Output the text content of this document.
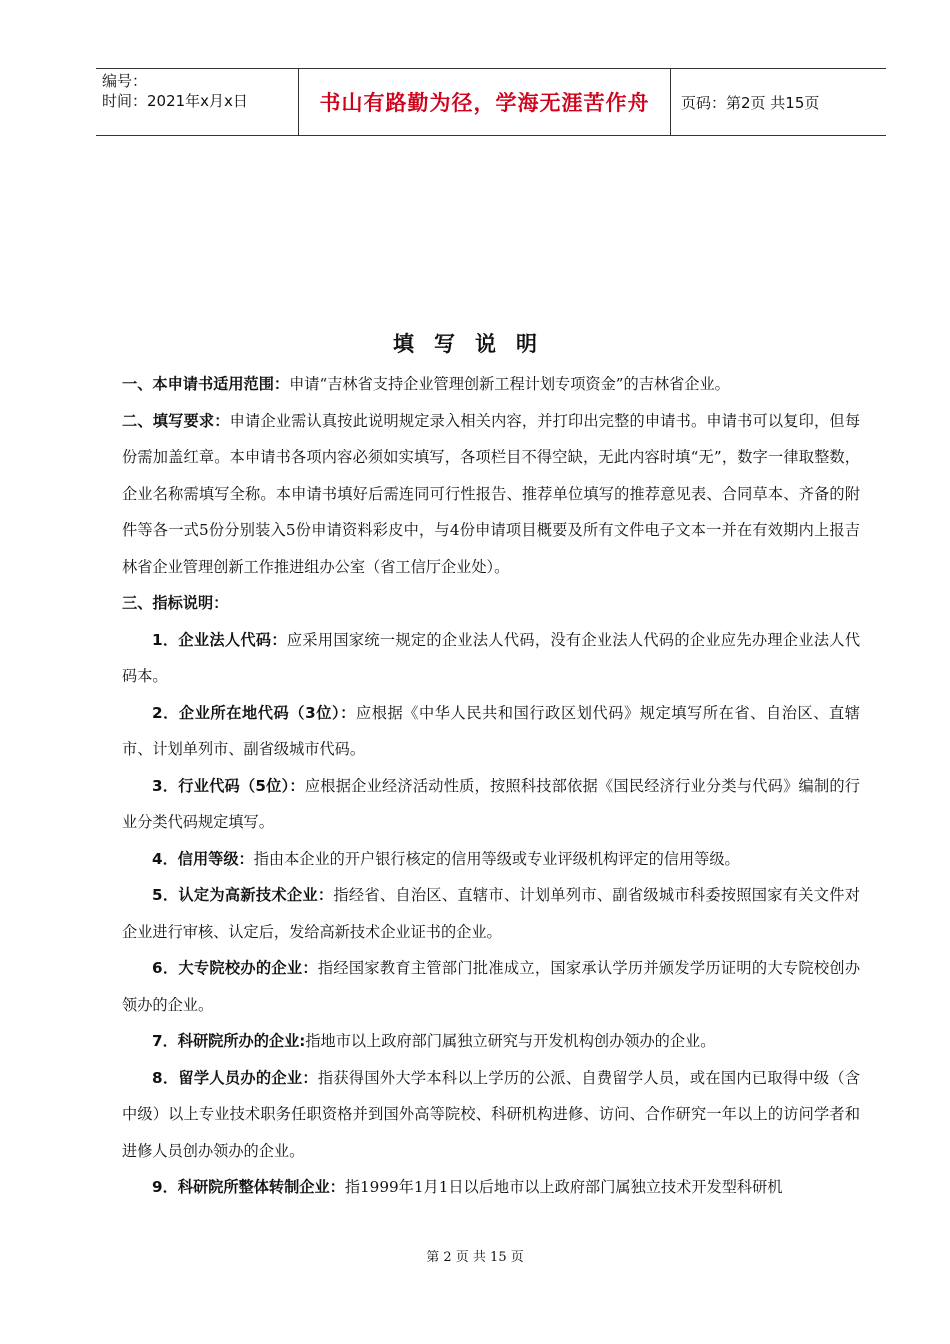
编号：
时间：2021年x月x日	书山有路勤为径，学海无涯苦作舟	页码：第2页 共15页
填写说明

一、本申请书适用范围：申请“吉林省支持企业管理创新工程计划专项资金”的吉林省企业。

二、填写要求：申请企业需认真按此说明规定录入相关内容，并打印出完整的申请书。申请书可以复印，但每份需加盖红章。本申请书各项内容必须如实填写，各项栏目不得空缺，无此内容时填“无”，数字一律取整数，企业名称需填写全称。本申请书填好后需连同可行性报告、推荐单位填写的推荐意见表、合同草本、齐备的附件等各一式5份分别装入5份申请资料彩皮中，与4份申请项目概要及所有文件电子文本一并在有效期内上报吉林省企业管理创新工作推进组办公室（省工信厅企业处）。

三、指标说明：

1．企业法人代码：应采用国家统一规定的企业法人代码，没有企业法人代码的企业应先办理企业法人代码本。

2．企业所在地代码（3位）：应根据《中华人民共和国行政区划代码》规定填写所在省、自治区、直辖市、计划单列市、副省级城市代码。

3．行业代码（5位）：应根据企业经济活动性质，按照科技部依据《国民经济行业分类与代码》编制的行业分类代码规定填写。

4．信用等级：指由本企业的开户银行核定的信用等级或专业评级机构评定的信用等级。

5．认定为高新技术企业：指经省、自治区、直辖市、计划单列市、副省级城市科委按照国家有关文件对企业进行审核、认定后，发给高新技术企业证书的企业。

6．大专院校办的企业：指经国家教育主管部门批准成立，国家承认学历并颁发学历证明的大专院校创办领办的企业。

7．科研院所办的企业:指地市以上政府部门属独立研究与开发机构创办领办的企业。

8．留学人员办的企业：指获得国外大学本科以上学历的公派、自费留学人员，或在国内已取得中级（含中级）以上专业技术职务任职资格并到国外高等院校、科研机构进修、访问、合作研究一年以上的访问学者和进修人员创办领办的企业。

9．科研院所整体转制企业：指1999年1月1日以后地市以上政府部门属独立技术开发型科研机

第 2 页 共 15 页
